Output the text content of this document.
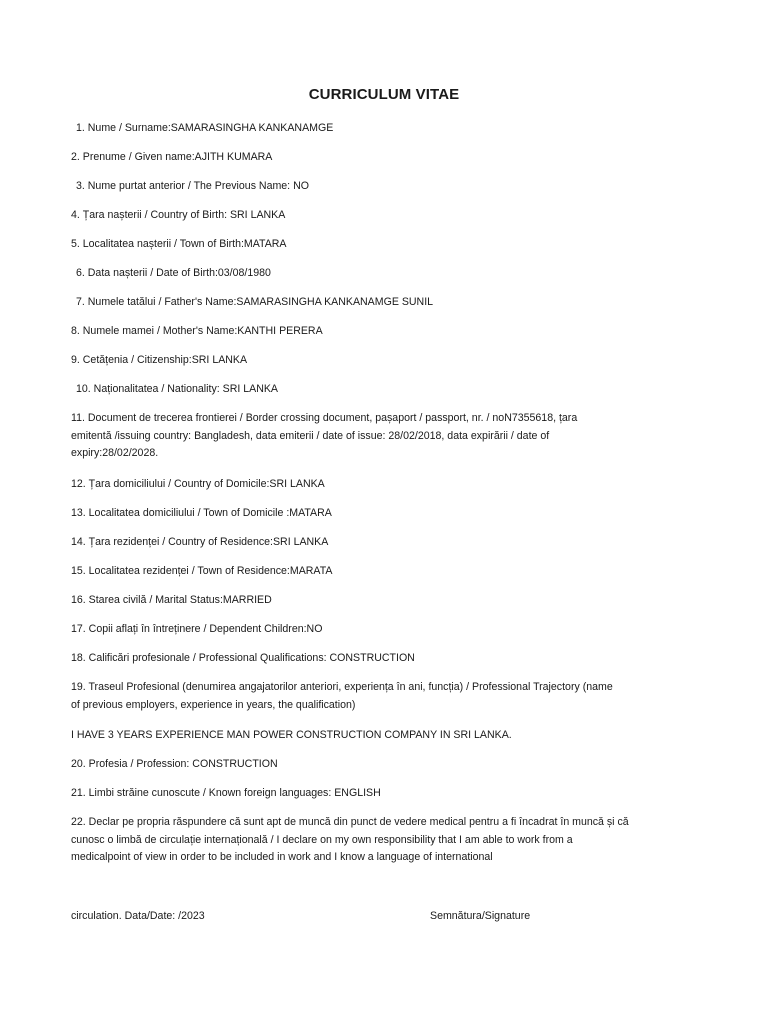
CURRICULUM VITAE
1. Nume / Surname:SAMARASINGHA KANKANAMGE
2. Prenume / Given name:AJITH KUMARA
3. Nume purtat anterior / The Previous Name: NO
4. Țara nașterii / Country of Birth: SRI LANKA
5. Localitatea nașterii / Town of Birth:MATARA
6. Data nașterii / Date of Birth:03/08/1980
7. Numele tatălui / Father's Name:SAMARASINGHA KANKANAMGE SUNIL
8. Numele mamei / Mother's Name:KANTHI PERERA
9. Cetățenia / Citizenship:SRI LANKA
10. Naționalitatea / Nationality: SRI LANKA
11. Document de trecerea frontierei / Border crossing document, pașaport / passport, nr. / noN7355618, țara
emitentă /issuing country: Bangladesh, data emiterii / date of issue: 28/02/2018, data expirării / date of
expiry:28/02/2028.
12. Țara domiciliului / Country of Domicile:SRI LANKA
13. Localitatea domiciliului / Town of Domicile :MATARA
14. Țara rezidenței / Country of Residence:SRI LANKA
15. Localitatea rezidenței / Town of Residence:MARATA
16. Starea civilă / Marital Status:MARRIED
17. Copii aflați în întreținere / Dependent Children:NO
18. Calificări profesionale / Professional Qualifications: CONSTRUCTION
19. Traseul Profesional (denumirea angajatorilor anteriori, experiența în ani, funcția) / Professional Trajectory (name
of previous employers, experience in years, the qualification)
I HAVE 3 YEARS EXPERIENCE MAN POWER CONSTRUCTION COMPANY IN SRI LANKA.
20. Profesia / Profession: CONSTRUCTION
21. Limbi străine cunoscute / Known foreign languages: ENGLISH
22. Declar pe propria răspundere că sunt apt de muncă din punct de vedere medical pentru a fi încadrat în muncă și că
cunosc o limbă de circulație internațională / I declare on my own responsibility that I am able to work from a
medicalpoint of view in order to be included in work and I know a language of international
circulation. Data/Date: /2023	Semnătura/Signature
